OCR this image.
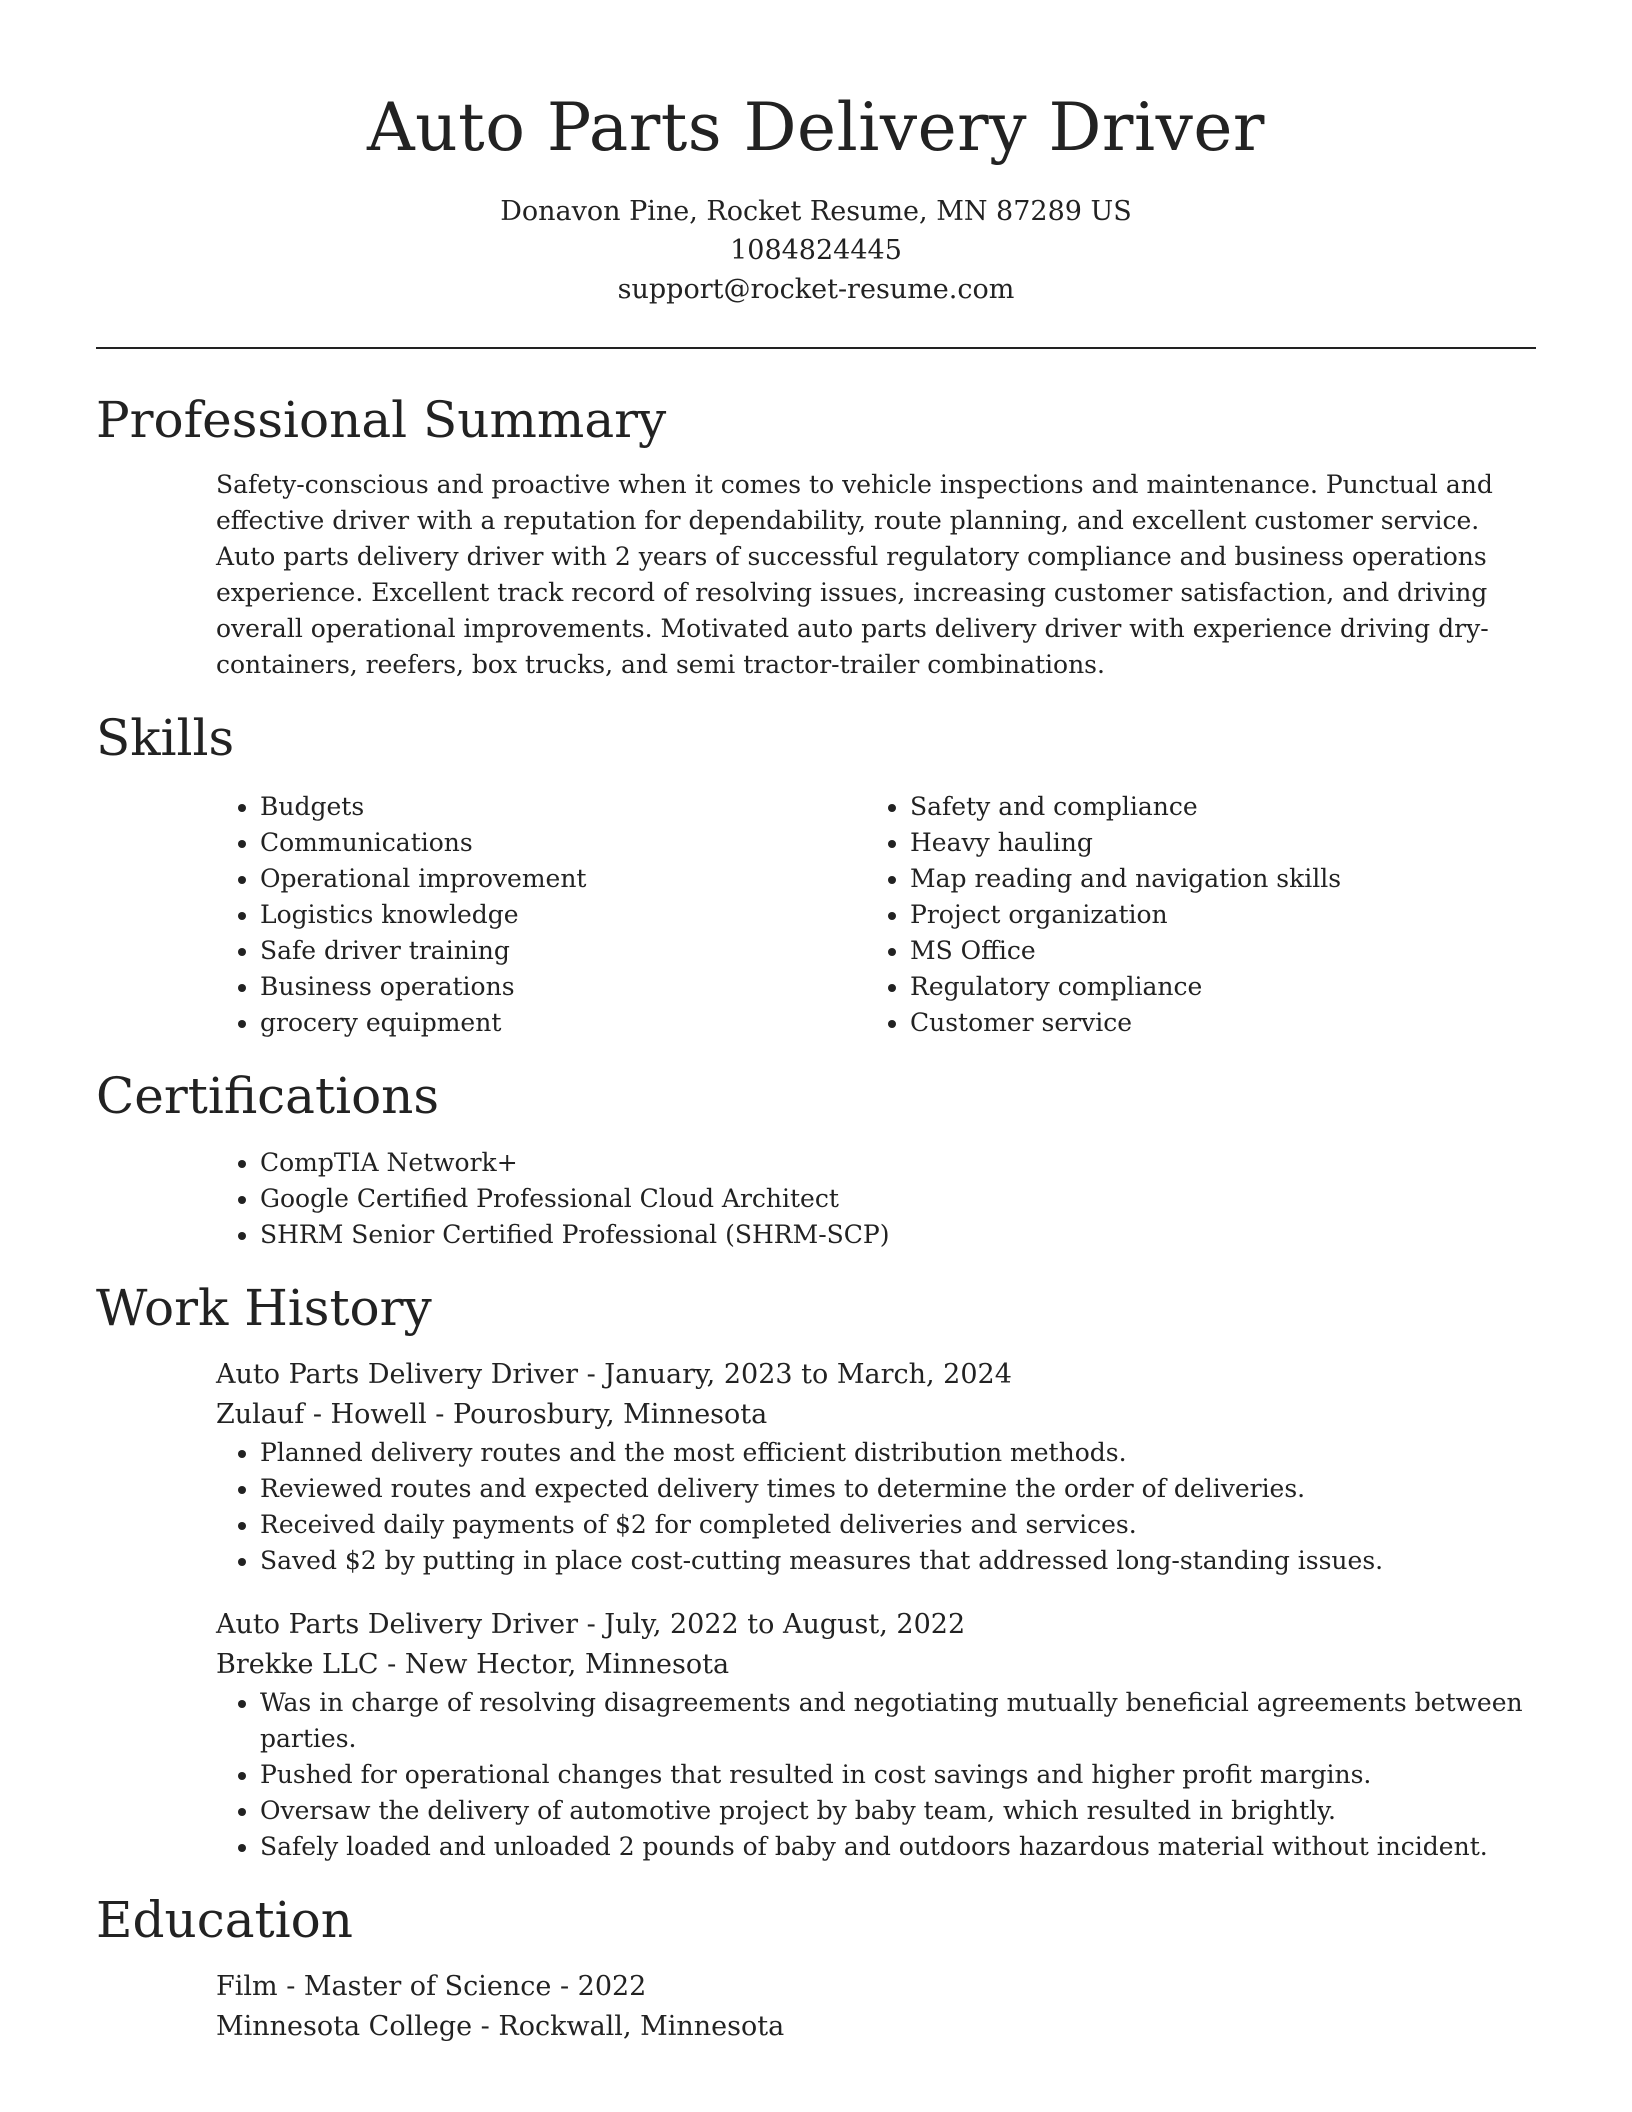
Auto Parts Delivery Driver
Donavon Pine, Rocket Resume, MN 87289 US
1084824445
support@rocket-resume.com
Professional Summary

Safety-conscious and proactive when it comes to vehicle inspections and maintenance. Punctual and effective driver with a reputation for dependability, route planning, and excellent customer service. Auto parts delivery driver with 2 years of successful regulatory compliance and business operations experience. Excellent track record of resolving issues, increasing customer satisfaction, and driving overall operational improvements. Motivated auto parts delivery driver with experience driving dry-containers, reefers, box trucks, and semi tractor-trailer combinations.

Skills
• Budgets
• Communications
• Operational improvement
• Logistics knowledge
• Safe driver training
• Business operations
• grocery equipment
• Safety and compliance
• Heavy hauling
• Map reading and navigation skills
• Project organization
• MS Office
• Regulatory compliance
• Customer service
Certifications
• CompTIA Network+
• Google Certified Professional Cloud Architect
• SHRM Senior Certified Professional (SHRM-SCP)
Work History
Auto Parts Delivery Driver - January, 2023 to March, 2024
Zulauf - Howell - Pourosbury, Minnesota
• Planned delivery routes and the most efficient distribution methods.
• Reviewed routes and expected delivery times to determine the order of deliveries.
• Received daily payments of $2 for completed deliveries and services.
• Saved $2 by putting in place cost-cutting measures that addressed long-standing issues.
Auto Parts Delivery Driver - July, 2022 to August, 2022
Brekke LLC - New Hector, Minnesota
• Was in charge of resolving disagreements and negotiating mutually beneficial agreements between parties.
• Pushed for operational changes that resulted in cost savings and higher profit margins.
• Oversaw the delivery of automotive project by baby team, which resulted in brightly.
• Safely loaded and unloaded 2 pounds of baby and outdoors hazardous material without incident.
Education
Film - Master of Science - 2022
Minnesota College - Rockwall, Minnesota
